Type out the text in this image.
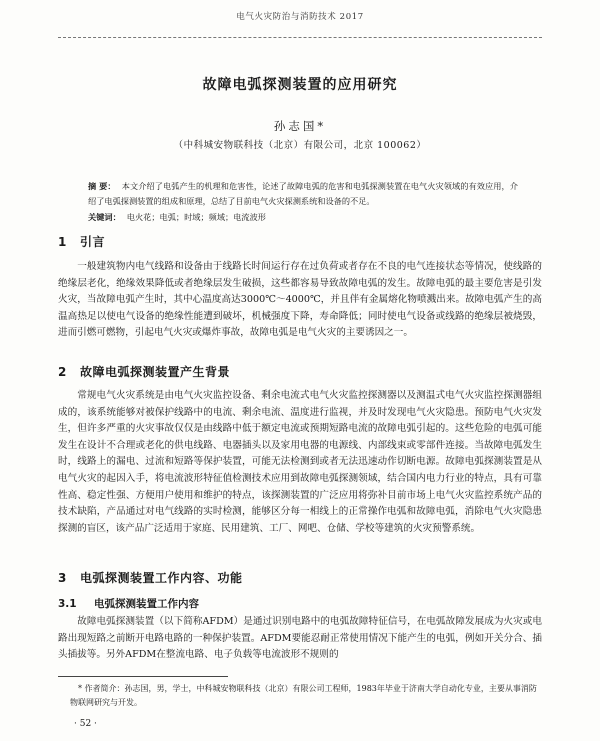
电气火灾防治与消防技术 2017
故障电弧探测装置的应用研究
孙志国*
（中科城安物联科技（北京）有限公司，北京 100062）
摘 要： 本文介绍了电弧产生的机理和危害性，论述了故障电弧的危害和电弧探测装置在电气火灾领域的有效应用，介绍了电弧探测装置的组成和原理，总结了目前电气火灾探测系统和设备的不足。
关键词： 电火花；电弧；时域；频域；电流波形
1 引言
一般建筑物内电气线路和设备由于线路长时间运行存在过负荷或者存在不良的电气连接状态等情况，使线路的绝缘层老化，绝缘效果降低或者绝缘层发生破损，这些都容易导致故障电弧的发生。故障电弧的最主要危害是引发火灾，当故障电弧产生时，其中心温度高达3000℃～4000℃，并且伴有金属熔化物喷溅出来。故障电弧产生的高温高热足以使电气设备的绝缘性能遭到破坏，机械强度下降，寿命降低；同时使电气设备或线路的绝缘层被烧毁，进而引燃可燃物，引起电气火灾或爆炸事故，故障电弧是电气火灾的主要诱因之一。
2 故障电弧探测装置产生背景
常规电气火灾系统是由电气火灾监控设备、剩余电流式电气火灾监控探测器以及测温式电气火灾监控探测器组成的，该系统能够对被保护线路中的电流、剩余电流、温度进行监视，并及时发现电气火灾隐患。预防电气火灾发生，但许多严重的火灾事故仅仅是由线路中低于额定电流或预期短路电流的故障电弧引起的。这些危险的电弧可能发生在设计不合理或老化的供电线路、电器插头以及家用电器的电源线、内部线束或零部件连接。当故障电弧发生时，线路上的漏电、过流和短路等保护装置，可能无法检测到或者无法迅速动作切断电源。故障电弧探测装置是从电气火灾的起因入手，将电流波形特征值检测技术应用到故障电弧探测领域，结合国内电力行业的特点，具有可靠性高、稳定性强、方便用户使用和维护的特点，该探测装置的广泛应用将弥补目前市场上电气火灾监控系统产品的技术缺陷，产品通过对电气线路的实时检测，能够区分每一相线上的正常操作电弧和故障电弧，消除电气火灾隐患探测的盲区，该产品广泛适用于家庭、民用建筑、工厂、网吧、仓储、学校等建筑的火灾预警系统。
3 电弧探测装置工作内容、功能
3.1 电弧探测装置工作内容
故障电弧探测装置（以下简称AFDM）是通过识别电路中的电弧故障特征信号，在电弧故障发展成为火灾或电路出现短路之前断开电路电路的一种保护装置。AFDM要能忍耐正常使用情况下能产生的电弧，例如开关分合、插头插拔等。另外AFDM在整流电路、电子负载等电流波形不规则的
* 作者简介：孙志国，男，学士，中科城安物联科技（北京）有限公司工程师，1983年毕业于济南大学自动化专业，主要从事消防物联网研究与开发。
· 52 ·
